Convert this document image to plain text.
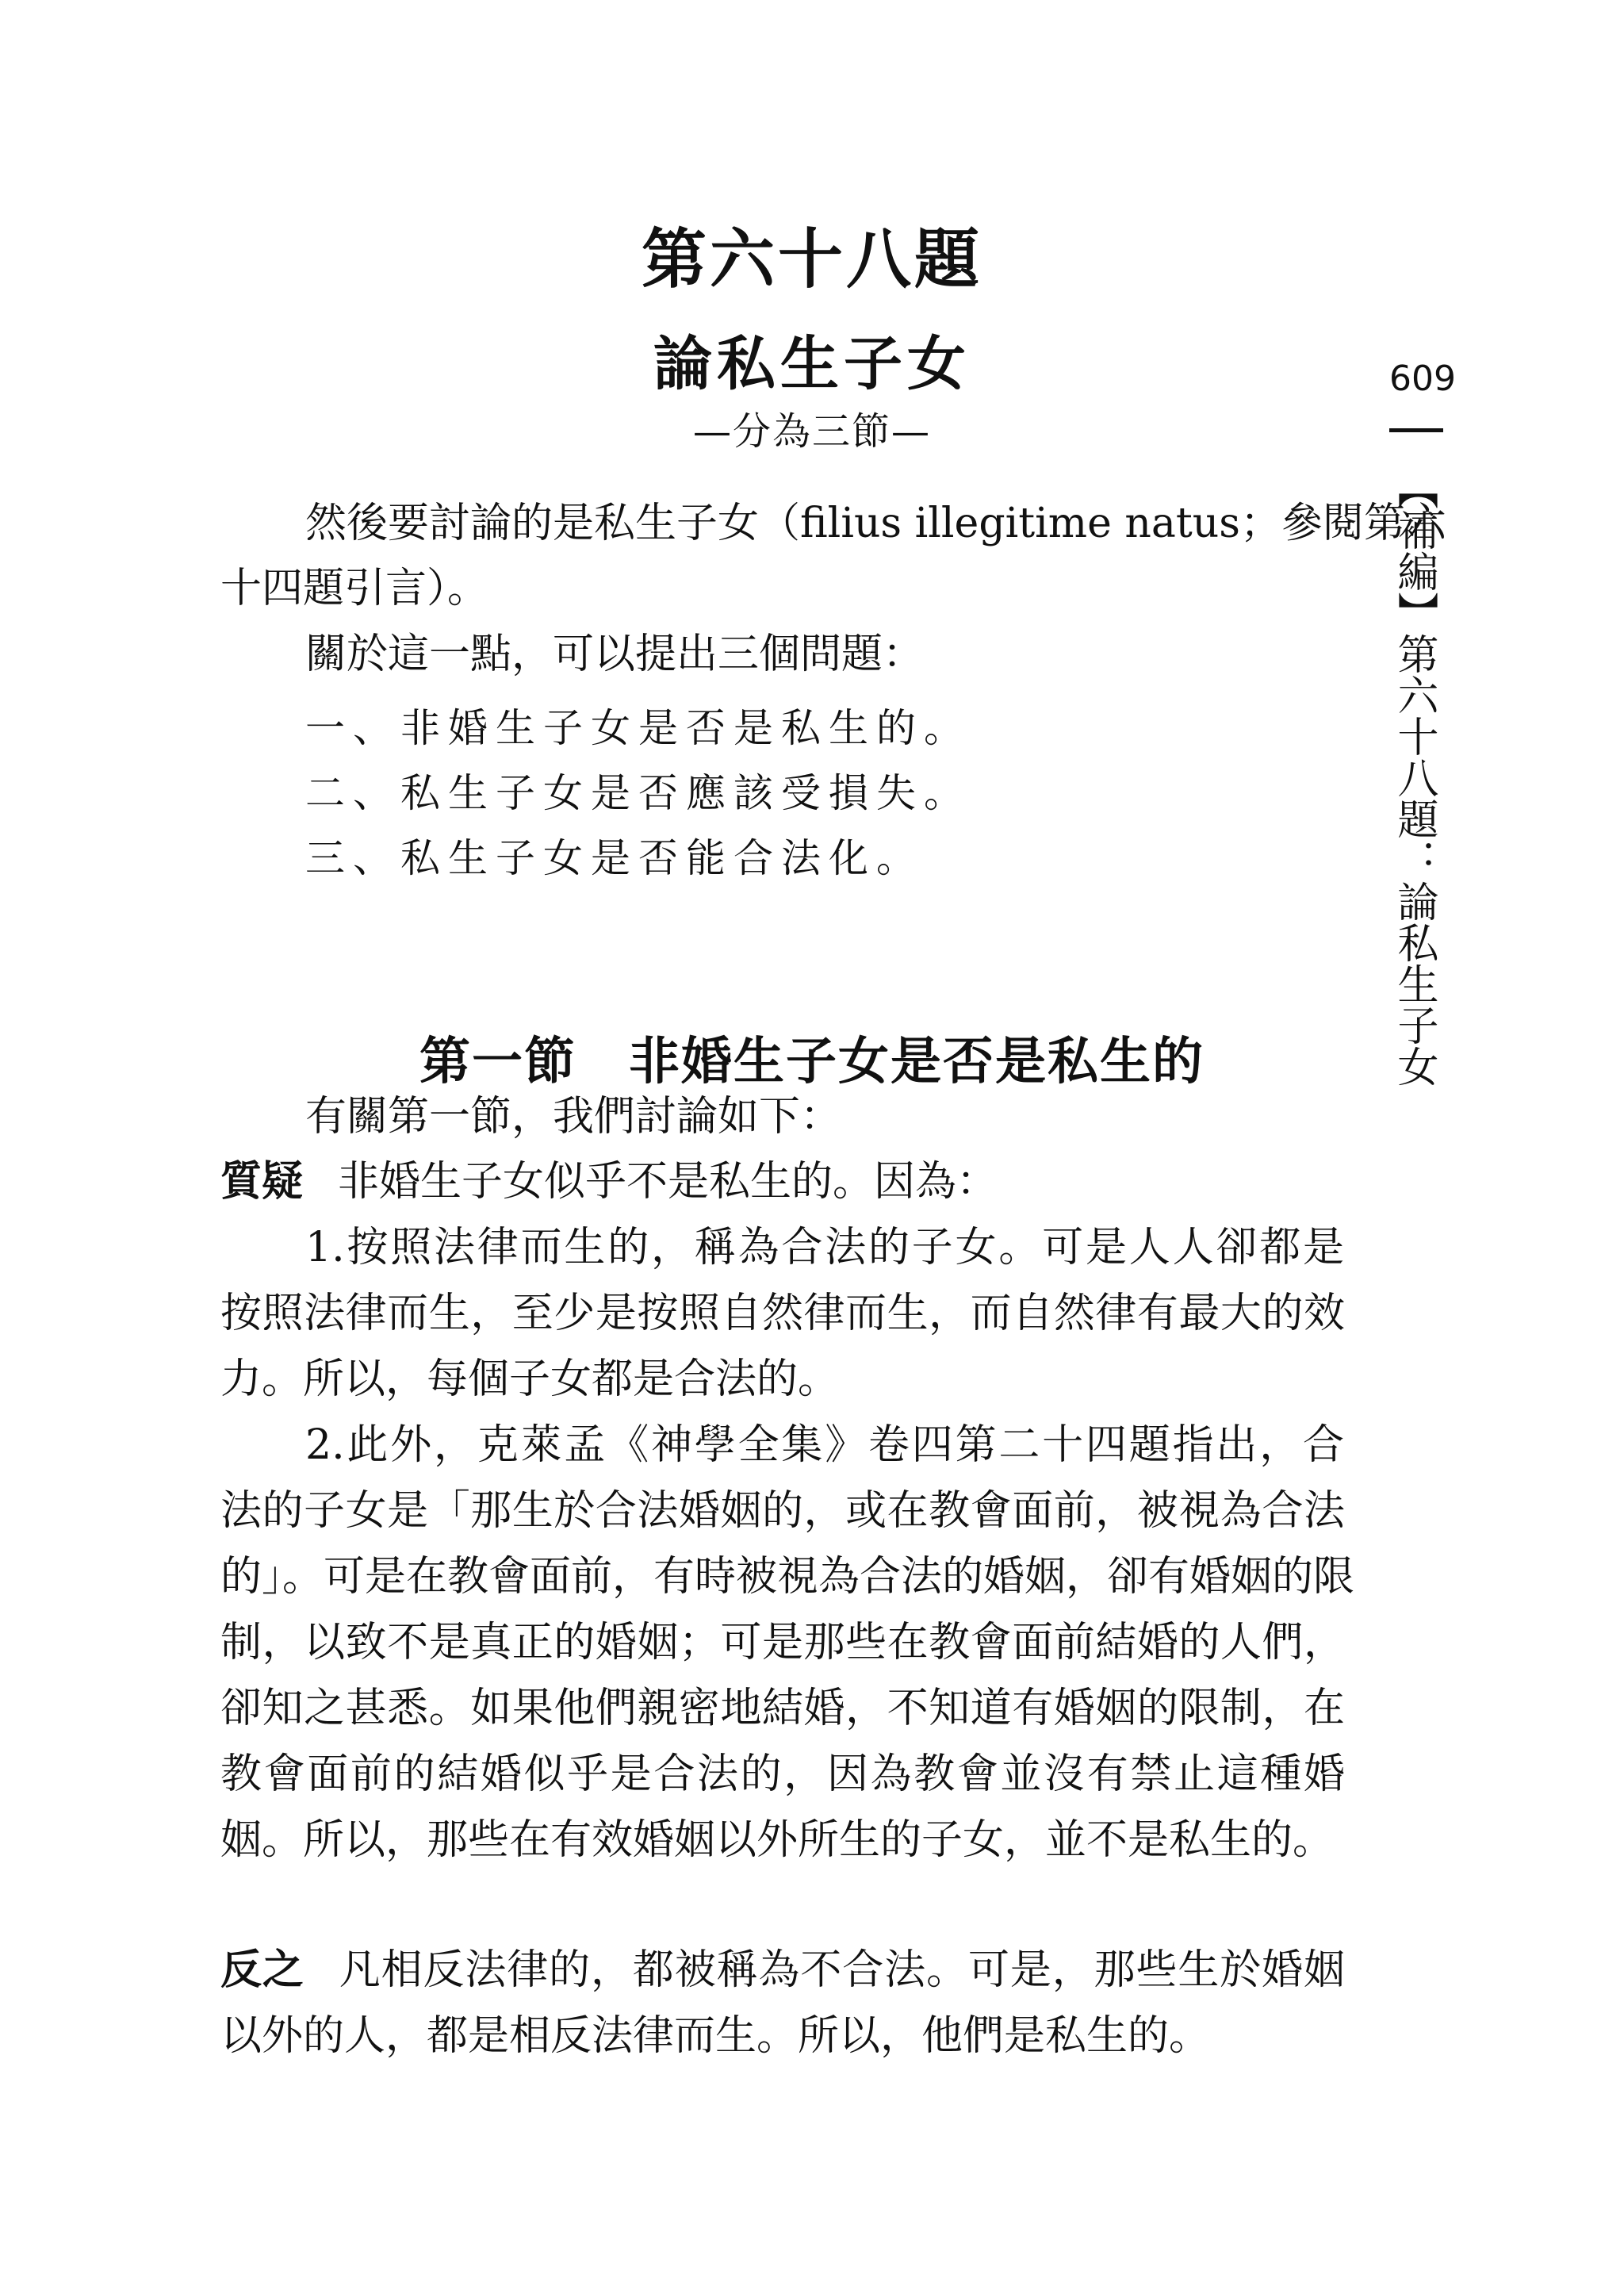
第六十八題
論私生子女
—分為三節—
609
【補編】第六十八題：論私生子女
然後要討論的是私生子女（filius illegitime natus；參閱第六
十四題引言）。
關於這一點，可以提出三個問題：
一、非婚生子女是否是私生的。
二、私生子女是否應該受損失。
三、私生子女是否能合法化。
第一節　非婚生子女是否是私生的
有關第一節，我們討論如下：
質疑 非婚生子女似乎不是私生的。因為：
1.按照法律而生的，稱為合法的子女。可是人人卻都是
按照法律而生，至少是按照自然律而生，而自然律有最大的效
力。所以，每個子女都是合法的。
2.此外，克萊孟《神學全集》卷四第二十四題指出，合
法的子女是「那生於合法婚姻的，或在教會面前，被視為合法
的」。可是在教會面前，有時被視為合法的婚姻，卻有婚姻的限
制，以致不是真正的婚姻；可是那些在教會面前結婚的人們，
卻知之甚悉。如果他們親密地結婚，不知道有婚姻的限制，在
教會面前的結婚似乎是合法的，因為教會並沒有禁止這種婚
姻。所以，那些在有效婚姻以外所生的子女，並不是私生的。
反之 凡相反法律的，都被稱為不合法。可是，那些生於婚姻
以外的人，都是相反法律而生。所以，他們是私生的。
